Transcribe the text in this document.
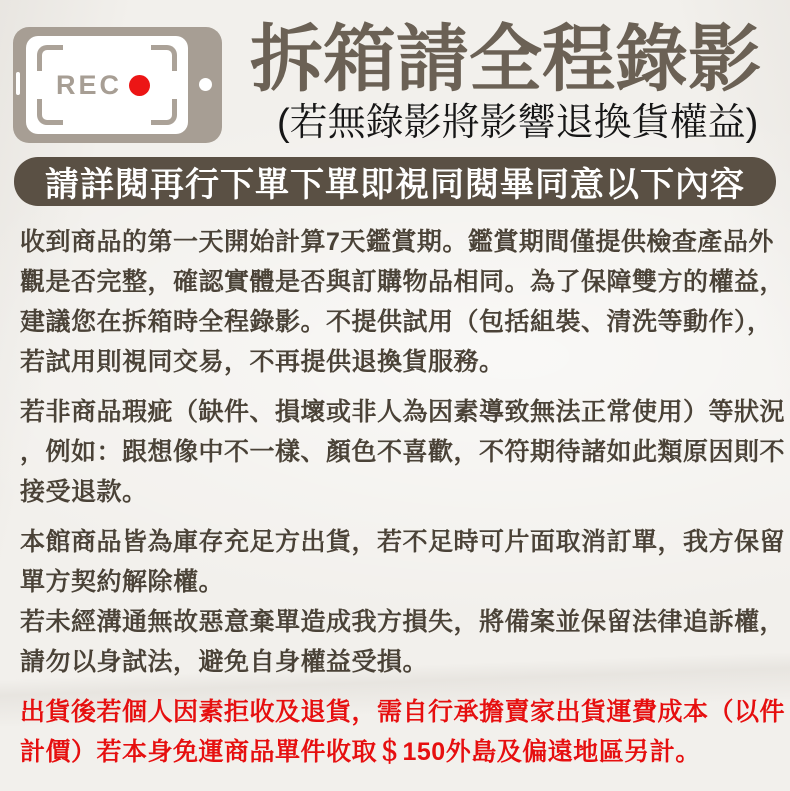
REC 拆箱請全程錄影
(若無錄影將影響退換貨權益)
請詳閱再行下單下單即視同閱畢同意以下內容
收到商品的第一天開始計算7天鑑賞期。鑑賞期間僅提供檢查產品外
觀是否完整，確認實體是否與訂購物品相同。為了保障雙方的權益，
建議您在拆箱時全程錄影。不提供試用（包括組裝、清洗等動作），
若試用則視同交易，不再提供退換貨服務。
若非商品瑕疵（缺件、損壞或非人為因素導致無法正常使用）等狀況
，例如：跟想像中不一樣、顏色不喜歡，不符期待諸如此類原因則不
接受退款。
本館商品皆為庫存充足方出貨，若不足時可片面取消訂單，我方保留
單方契約解除權。
若未經溝通無故惡意棄單造成我方損失，將備案並保留法律追訴權，
請勿以身試法，避免自身權益受損。
出貨後若個人因素拒收及退貨，需自行承擔賣家出貨運費成本（以件
計價）若本身免運商品單件收取＄150外島及偏遠地區另計。
